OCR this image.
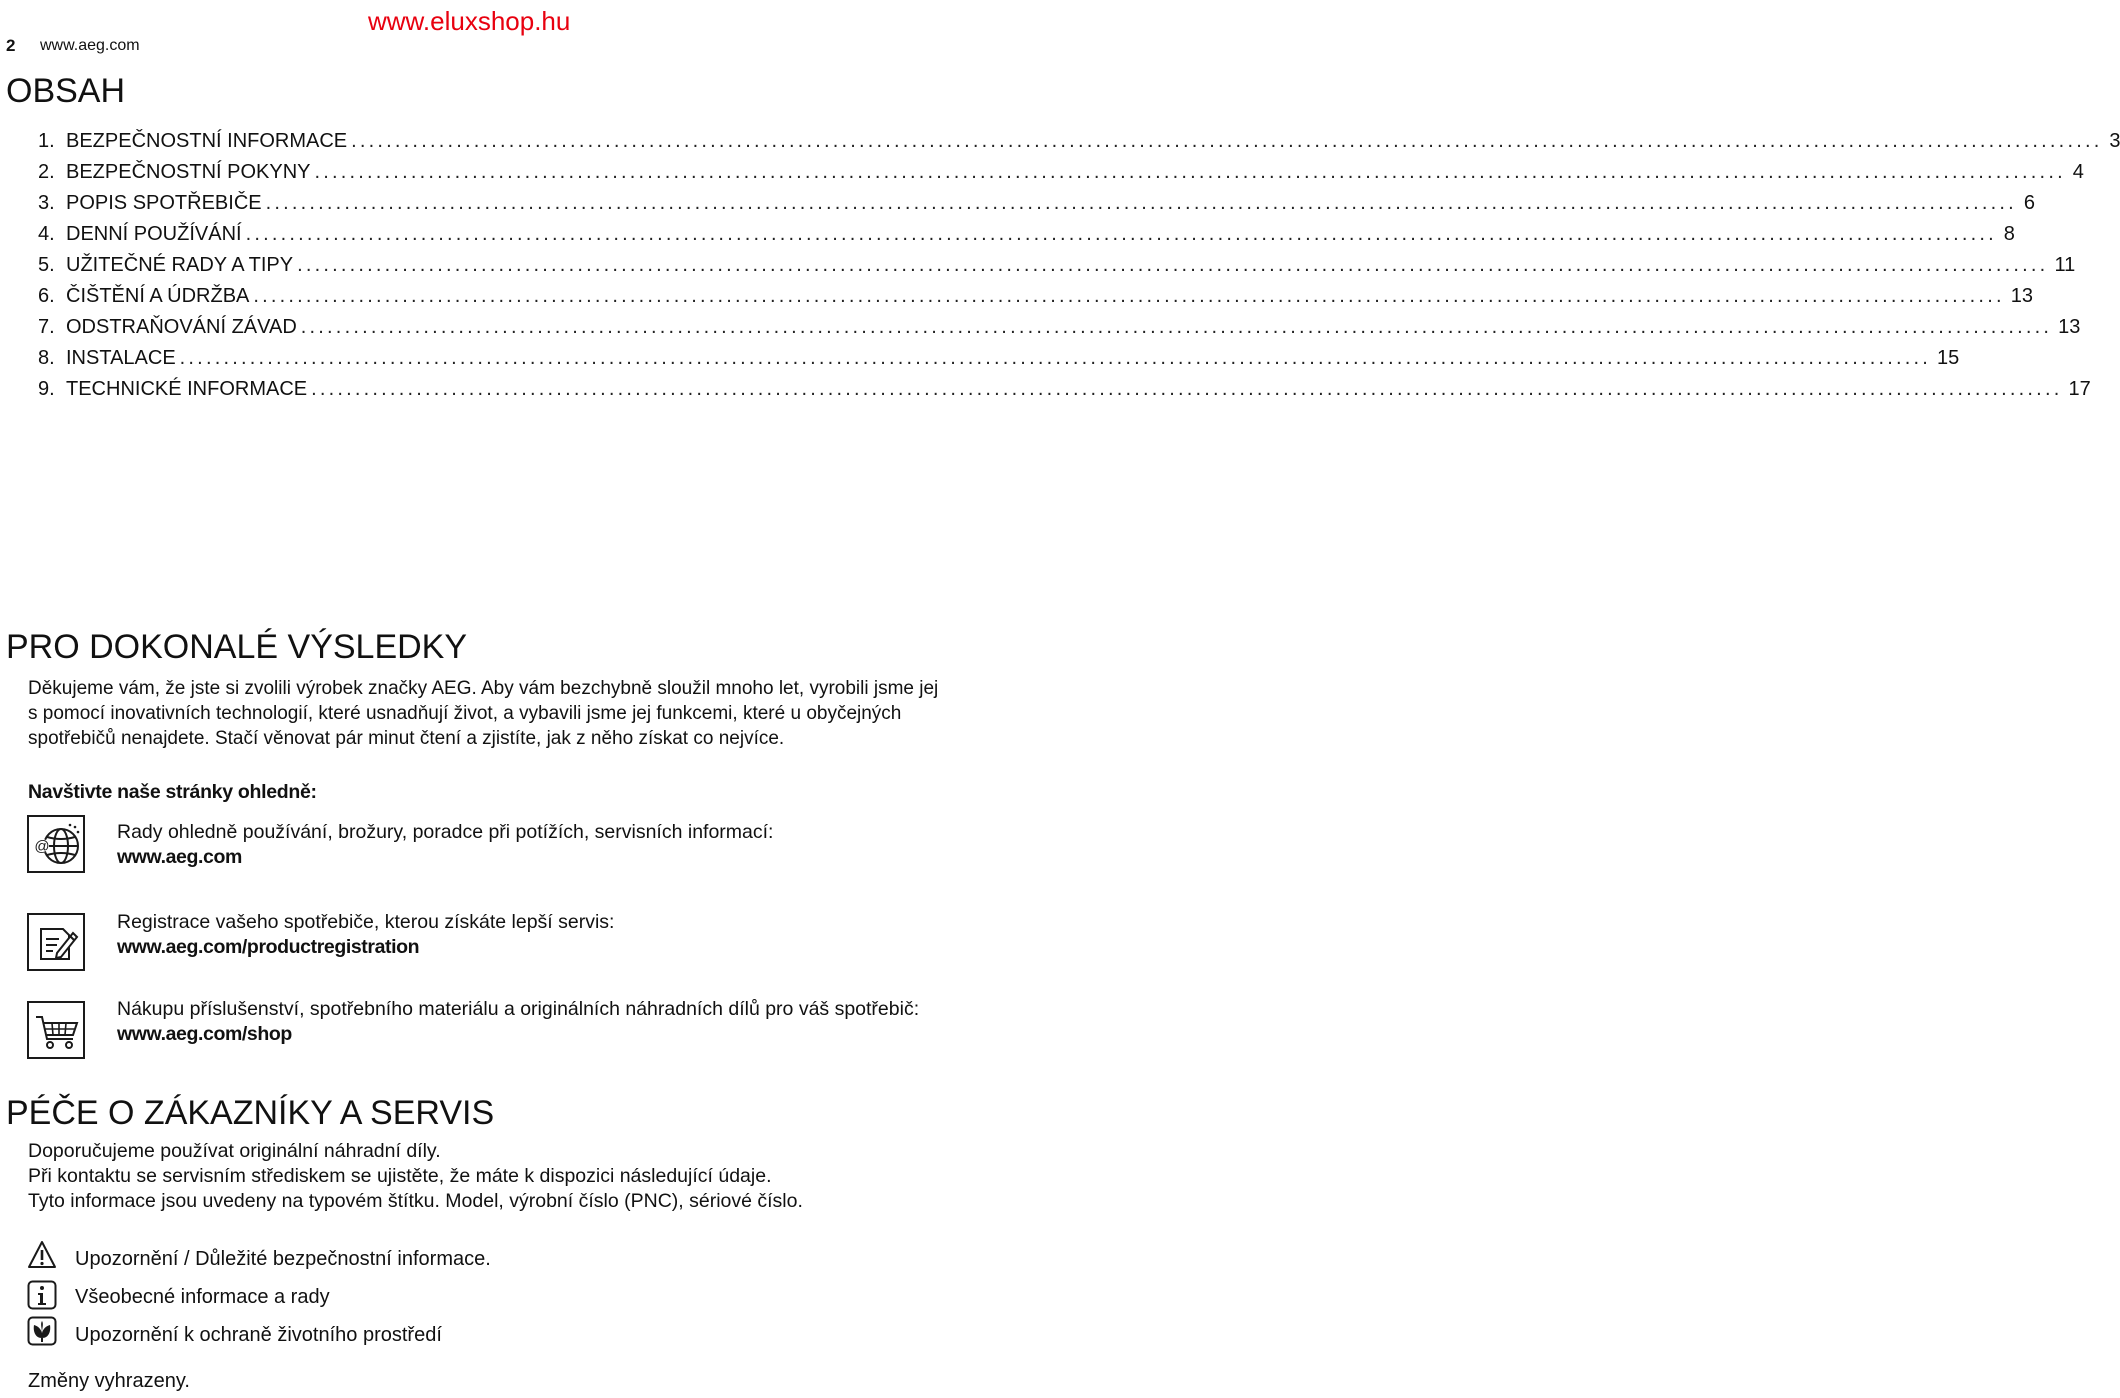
2 www.aeg.com
www.eluxshop.hu
OBSAH
1. BEZPEČNOSTNÍ INFORMACE ........................................................................................................................................................................................................ 3
2. BEZPEČNOSTNÍ POKYNY ........................................................................................................................................................................................................ 4
3. POPIS SPOTŘEBIČE ........................................................................................................................................................................................................ 6
4. DENNÍ POUŽÍVÁNÍ ........................................................................................................................................................................................................ 8
5. UŽITEČNÉ RADY A TIPY ........................................................................................................................................................................................................ 11
6. ČIŠTĚNÍ A ÚDRŽBA ........................................................................................................................................................................................................ 13
7. ODSTRAŇOVÁNÍ ZÁVAD ........................................................................................................................................................................................................ 13
8. INSTALACE ........................................................................................................................................................................................................ 15
9. TECHNICKÉ INFORMACE ........................................................................................................................................................................................................ 17
PRO DOKONALÉ VÝSLEDKY
Děkujeme vám, že jste si zvolili výrobek značky AEG. Aby vám bezchybně sloužil mnoho let, vyrobili jsme jej s pomocí inovativních technologií, které usnadňují život, a vybavili jsme jej funkcemi, které u obyčejných spotřebičů nenajdete. Stačí věnovat pár minut čtení a zjistíte, jak z něho získat co nejvíce.
Navštivte naše stránky ohledně:
@
Rady ohledně používání, brožury, poradce při potížích, servisních informací:
www.aeg.com
Registrace vašeho spotřebiče, kterou získáte lepší servis:
www.aeg.com/productregistration
Nákupu příslušenství, spotřebního materiálu a originálních náhradních dílů pro váš spotřebič:
www.aeg.com/shop
PÉČE O ZÁKAZNÍKY A SERVIS
Doporučujeme používat originální náhradní díly.
Při kontaktu se servisním střediskem se ujistěte, že máte k dispozici následující údaje.
Tyto informace jsou uvedeny na typovém štítku. Model, výrobní číslo (PNC), sériové číslo.
Upozornění / Důležité bezpečnostní informace.
Všeobecné informace a rady
Upozornění k ochraně životního prostředí
Změny vyhrazeny.
